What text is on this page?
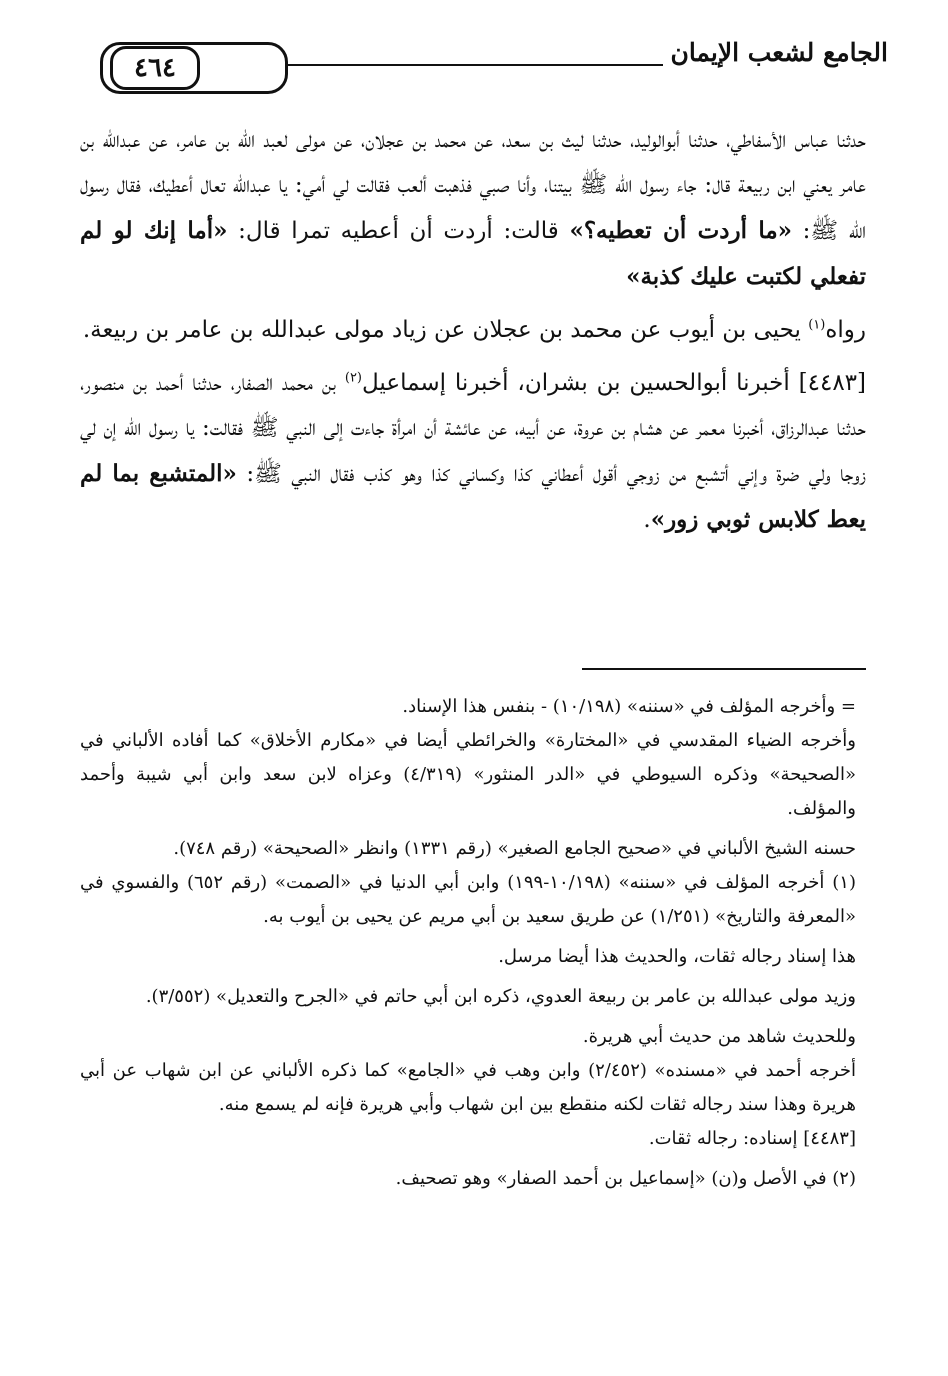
الجامع لشعب الإيمان
٤٦٤

حدثنا عباس الأسفاطي، حدثنا أبوالوليد، حدثنا ليث بن سعد، عن محمد بن عجلان، عن مولى لعبد الله بن عامر، عن عبدالله بن عامر يعني ابن ربيعة قال: جاء رسول الله ﷺ بيتنا، وأنا صبي فذهبت ألعب فقالت لي أمي: يا عبدالله تعال أعطيك، فقال رسول الله ﷺ: «ما أردت أن تعطيه؟» قالت: أردت أن أعطيه تمرا قال: «أما إنك لو لم تفعلي لكتبت عليك كذبة»

رواه$^{(١)}$ يحيى بن أيوب عن محمد بن عجلان عن زياد مولى عبدالله بن عامر بن ربيعة.

[٤٤٨٣] أخبرنا أبوالحسين بن بشران، أخبرنا إسماعيل$^{(٢)}$ بن محمد الصفار، حدثنا أحمد بن منصور، حدثنا عبدالرزاق، أخبرنا معمر عن هشام بن عروة، عن أبيه، عن عائشة أن امرأة جاءت إلى النبي ﷺ فقالت: يا رسول الله إن لي زوجا ولي ضرة وإني أتشبع من زوجي أقول أعطاني كذا وكساني كذا وهو كذب فقال النبي ﷺ: «المتشبع بما لم يعط كلابس ثوبي زور».

= وأخرجه المؤلف في «سننه» (١٠/١٩٨) - بنفس هذا الإسناد.

وأخرجه الضياء المقدسي في «المختارة» والخرائطي أيضا في «مكارم الأخلاق» كما أفاده الألباني في «الصحيحة» وذكره السيوطي في «الدر المنثور» (٤/٣١٩) وعزاه لابن سعد وابن أبي شيبة وأحمد والمؤلف.

حسنه الشيخ الألباني في «صحيح الجامع الصغير» (رقم ١٣٣١) وانظر «الصحيحة» (رقم ٧٤٨).

(١) أخرجه المؤلف في «سننه» (١٠/١٩٨-١٩٩) وابن أبي الدنيا في «الصمت» (رقم ٦٥٢) والفسوي في «المعرفة والتاريخ» (١/٢٥١) عن طريق سعيد بن أبي مريم عن يحيى بن أيوب به.

هذا إسناد رجاله ثقات، والحديث هذا أيضا مرسل.

وزيد مولى عبدالله بن عامر بن ربيعة العدوي، ذكره ابن أبي حاتم في «الجرح والتعديل» (٣/٥٥٢).

وللحديث شاهد من حديث أبي هريرة.

أخرجه أحمد في «مسنده» (٢/٤٥٢) وابن وهب في «الجامع» كما ذكره الألباني عن ابن شهاب عن أبي هريرة وهذا سند رجاله ثقات لكنه منقطع بين ابن شهاب وأبي هريرة فإنه لم يسمع منه.

[٤٤٨٣] إسناده: رجاله ثقات.

(٢) في الأصل و(ن) «إسماعيل بن أحمد الصفار» وهو تصحيف.
